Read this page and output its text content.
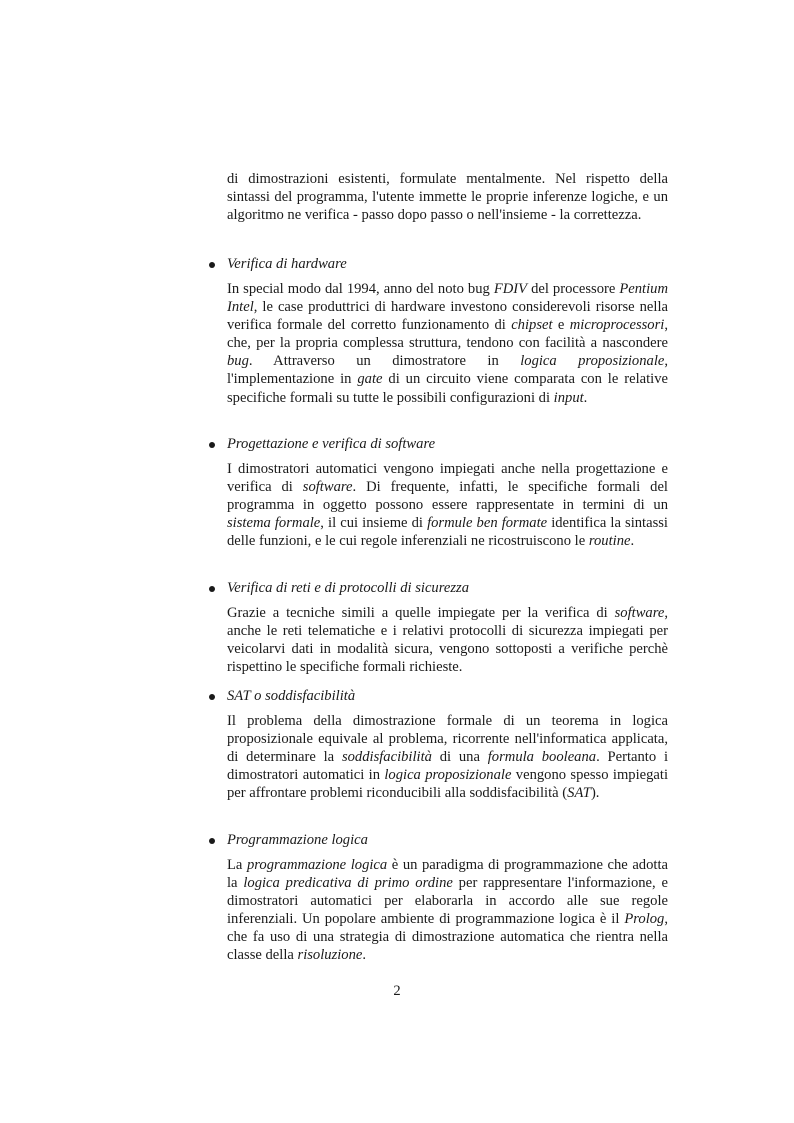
di dimostrazioni esistenti, formulate mentalmente. Nel rispetto della sintassi del programma, l'utente immette le proprie inferenze logiche, e un algoritmo ne verifica - passo dopo passo o nell'insieme - la correttezza.

Verifica di hardware

In special modo dal 1994, anno del noto bug FDIV del processore Pentium Intel, le case produttrici di hardware investono considerevoli risorse nella verifica formale del corretto funzionamento di chipset e microprocessori, che, per la propria complessa struttura, tendono con facilità a nascondere bug. Attraverso un dimostratore in logica proposizionale, l'implementazione in gate di un circuito viene comparata con le relative specifiche formali su tutte le possibili configurazioni di input.

Progettazione e verifica di software

I dimostratori automatici vengono impiegati anche nella progettazione e verifica di software. Di frequente, infatti, le specifiche formali del programma in oggetto possono essere rappresentate in termini di un sistema formale, il cui insieme di formule ben formate identifica la sintassi delle funzioni, e le cui regole inferenziali ne ricostruiscono le routine.

Verifica di reti e di protocolli di sicurezza

Grazie a tecniche simili a quelle impiegate per la verifica di software, anche le reti telematiche e i relativi protocolli di sicurezza impiegati per veicolarvi dati in modalità sicura, vengono sottoposti a verifiche perchè rispettino le specifiche formali richieste.

SAT o soddisfacibilità

Il problema della dimostrazione formale di un teorema in logica proposizionale equivale al problema, ricorrente nell'informatica applicata, di determinare la soddisfacibilità di una formula booleana. Pertanto i dimostratori automatici in logica proposizionale vengono spesso impiegati per affrontare problemi riconducibili alla soddisfacibilità (SAT).

Programmazione logica

La programmazione logica è un paradigma di programmazione che adotta la logica predicativa di primo ordine per rappresentare l'informazione, e dimostratori automatici per elaborarla in accordo alle sue regole inferenziali. Un popolare ambiente di programmazione logica è il Prolog, che fa uso di una strategia di dimostrazione automatica che rientra nella classe della risoluzione.

2
